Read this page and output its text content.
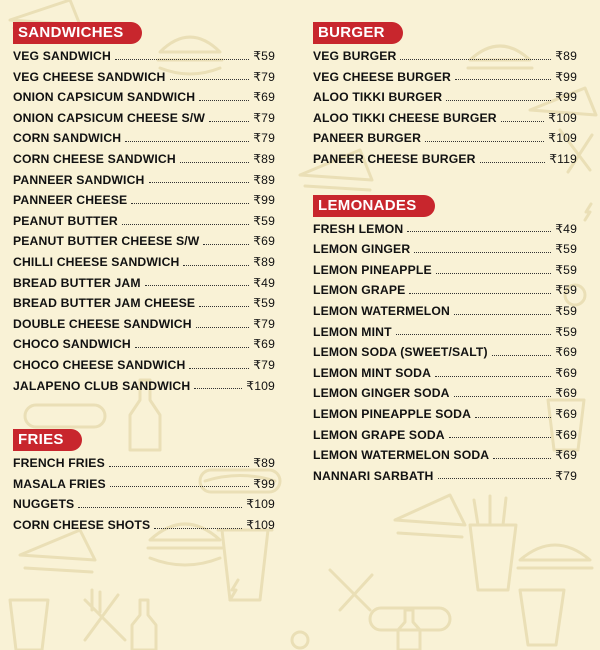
SANDWICHES
VEG SANDWICH	₹59
VEG CHEESE SANDWICH	₹79
ONION CAPSICUM SANDWICH	₹69
ONION CAPSICUM CHEESE S/W	₹79
CORN SANDWICH	₹79
CORN CHEESE SANDWICH	₹89
PANNEER SANDWICH	₹89
PANNEER CHEESE	₹99
PEANUT BUTTER	₹59
PEANUT BUTTER CHEESE S/W	₹69
CHILLI CHEESE SANDWICH	₹89
BREAD BUTTER JAM	₹49
BREAD BUTTER JAM CHEESE	₹59
DOUBLE CHEESE SANDWICH	₹79
CHOCO SANDWICH	₹69
CHOCO CHEESE SANDWICH	₹79
JALAPENO CLUB SANDWICH	₹109
FRIES
FRENCH FRIES	₹89
MASALA FRIES	₹99
NUGGETS	₹109
CORN CHEESE SHOTS	₹109
BURGER
VEG BURGER	₹89
VEG CHEESE BURGER	₹99
ALOO TIKKI BURGER	₹99
ALOO TIKKI CHEESE BURGER	₹109
PANEER BURGER	₹109
PANEER CHEESE BURGER	₹119
LEMONADES
FRESH LEMON	₹49
LEMON GINGER	₹59
LEMON PINEAPPLE	₹59
LEMON GRAPE	₹59
LEMON WATERMELON	₹59
LEMON MINT	₹59
LEMON SODA (SWEET/SALT)	₹69
LEMON MINT SODA	₹69
LEMON GINGER SODA	₹69
LEMON PINEAPPLE SODA	₹69
LEMON GRAPE SODA	₹69
LEMON WATERMELON SODA	₹69
NANNARI SARBATH	₹79
